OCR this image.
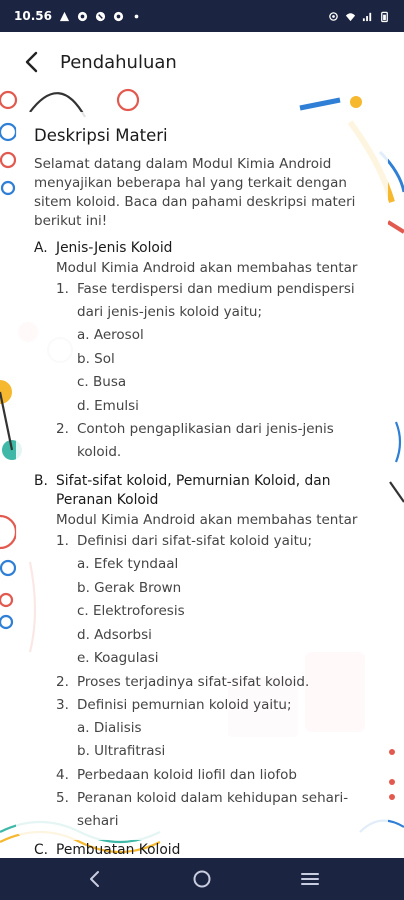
10.56
Pendahuluan
Deskripsi Materi
Selamat datang dalam Modul Kimia Android menyajikan beberapa hal yang terkait dengan sitem koloid. Baca dan pahami deskripsi materi berikut ini!
A. Jenis-Jenis Koloid
Modul Kimia Android akan membahas tentar
1. Fase terdispersi dan medium pendispersi dari jenis-jenis koloid yaitu;
a. Aerosol
b. Sol
c. Busa
d. Emulsi
2. Contoh pengaplikasian dari jenis-jenis koloid.
B. Sifat-sifat koloid, Pemurnian Koloid, dan Peranan Koloid
Modul Kimia Android akan membahas tentar
1. Definisi dari sifat-sifat koloid yaitu;
a. Efek tyndaal
b. Gerak Brown
c. Elektroforesis
d. Adsorbsi
e. Koagulasi
2. Proses terjadinya sifat-sifat koloid.
3. Definisi pemurnian koloid yaitu;
a. Dialisis
b. Ultrafitrasi
4. Perbedaan koloid liofil dan liofob
5. Peranan koloid dalam kehidupan sehari-sehari
C. Pembuatan Koloid
